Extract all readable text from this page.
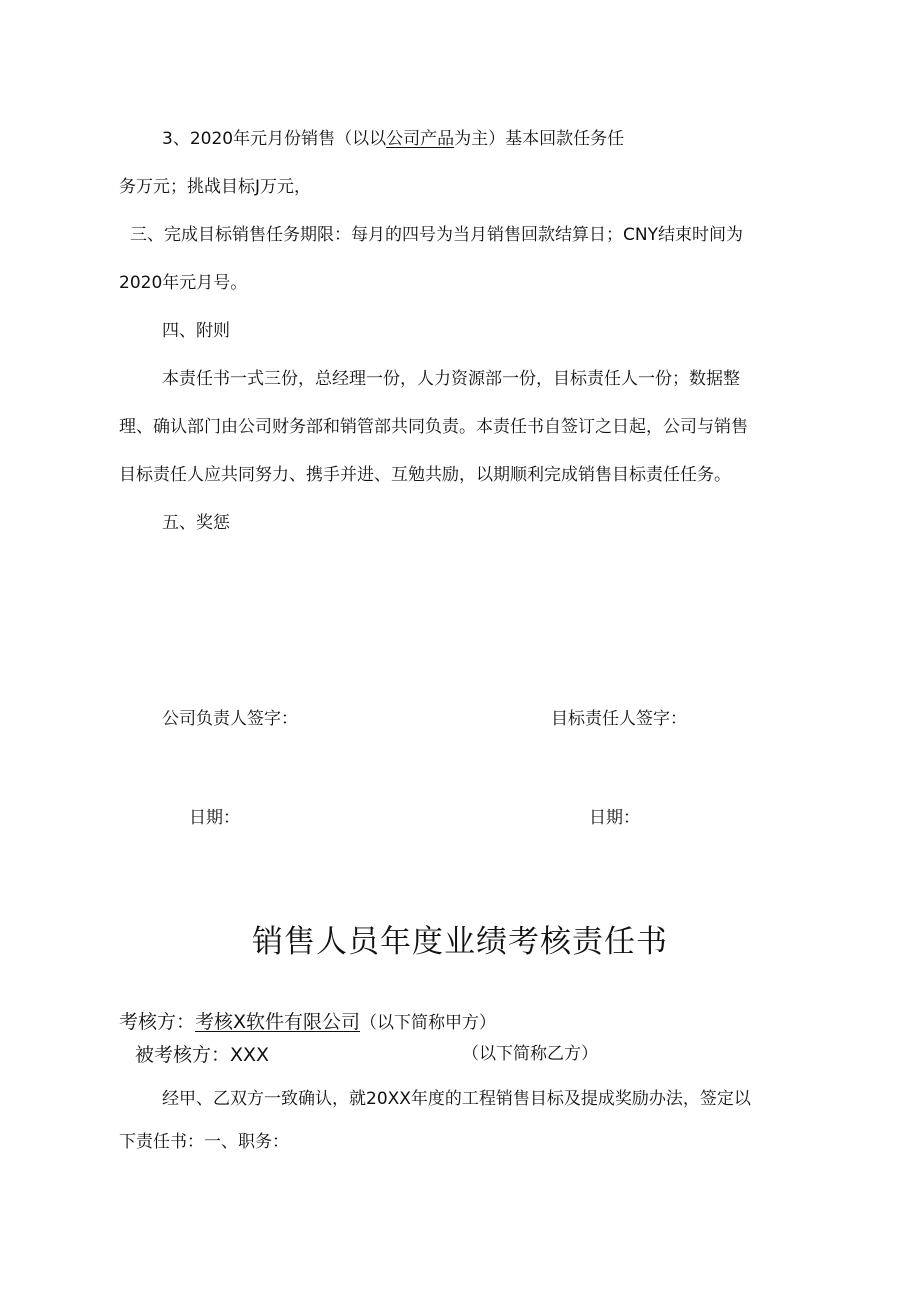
3、2020年元月份销售（以以公司产品为主）基本回款任务任
务万元；挑战目标J万元，
三、完成目标销售任务期限：每月的四号为当月销售回款结算日；CNY结束时间为
2020年元月号。
四、附则
本责任书一式三份，总经理一份，人力资源部一份，目标责任人一份；数据整
理、确认部门由公司财务部和销管部共同负责。本责任书自签订之日起，公司与销售
目标责任人应共同努力、携手并进、互勉共励，以期顺利完成销售目标责任任务。
五、奖惩
公司负责人签字：	目标责任人签字：
日期：	日期：
销售人员年度业绩考核责任书
考核方：考核X软件有限公司（以下简称甲方）
被考核方：XXX	（以下简称乙方）
经甲、乙双方一致确认，就20XX年度的工程销售目标及提成奖励办法，签定以
下责任书：一、职务：
